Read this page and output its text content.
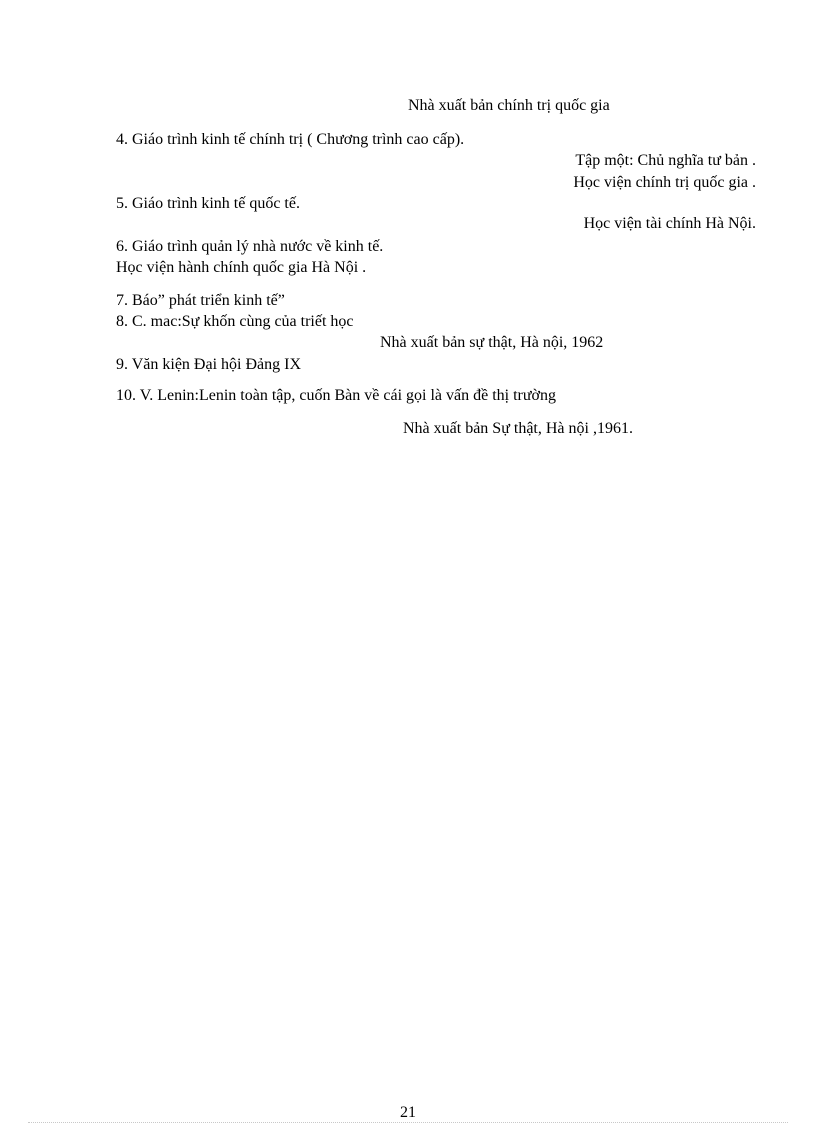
Nhà xuất bản chính trị quốc gia
4. Giáo trình kinh tế chính trị ( Chương trình cao cấp).
Tập một: Chủ nghĩa tư bản .
Học viện chính trị quốc gia .
5. Giáo trình kinh tế quốc tế.
Học viện tài chính Hà Nội.
6. Giáo trình quản lý nhà nước về kinh tế.
Học viện hành chính quốc gia Hà Nội .
7. Báo” phát triển kinh tế”
8. C. mac:Sự khốn cùng của triết học
Nhà xuất bản sự thật, Hà nội, 1962
9. Văn kiện Đại hội Đảng IX
10. V. Lenin:Lenin toàn tập, cuốn Bàn về cái gọi là vấn đề thị trường
Nhà xuất bản Sự thật, Hà nội ,1961.
21
